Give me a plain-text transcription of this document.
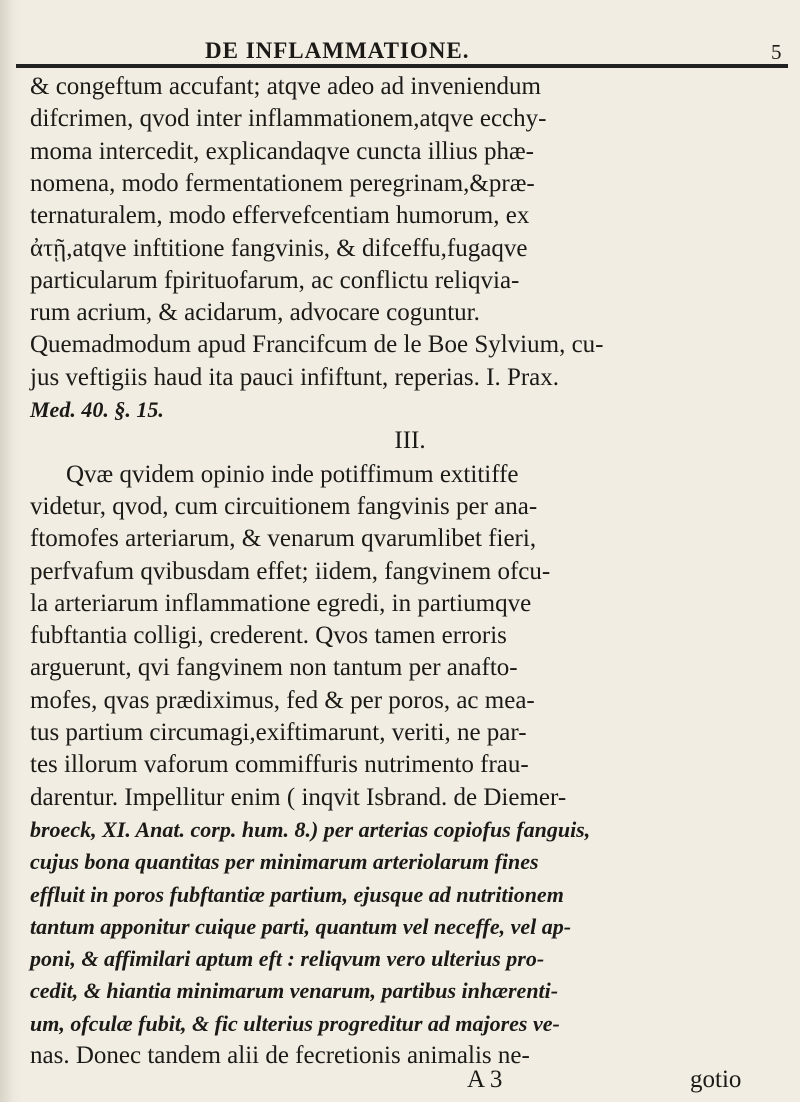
DE INFLAMMATIONE.	5
& congeftum accufant; atqve adeo ad inveniendum
difcrimen, qvod inter inflammationem,atqve ecchy-
moma intercedit, explicandaqve cuncta illius phæ-
nomena, modo fermentationem peregrinam,&præ-
ternaturalem, modo effervefcentiam humorum, ex
ἀτῇ,atqve inftitione fangvinis, & difceffu,fugaqve
particularum fpirituofarum, ac conflictu reliqvia-
rum acrium, & acidarum, advocare coguntur.
Quemadmodum apud Francifcum de le Boe Sylvium, cu-
jus veftigiis haud ita pauci infiftunt, reperias. I. Prax.
Med. 40. §. 15.
III.
Qvæ qvidem opinio inde potiffimum extitiffe
videtur, qvod, cum circuitionem fangvinis per ana-
ftomofes arteriarum, & venarum qvarumlibet fieri,
perfvafum qvibusdam effet; iidem, fangvinem ofcu-
la arteriarum inflammatione egredi, in partiumqve
fubftantia colligi, crederent. Qvos tamen erroris
arguerunt, qvi fangvinem non tantum per anafto-
mofes, qvas prædiximus, fed & per poros, ac mea-
tus partium circumagi,exiftimarunt, veriti, ne par-
tes illorum vaforum commiffuris nutrimento frau-
darentur. Impellitur enim ( inqvit Isbrand. de Diemer-
broeck, XI. Anat. corp. hum. 8.) per arterias copiofus fanguis,
cujus bona quantitas per minimarum arteriolarum fines
effluit in poros fubftantiæ partium, ejusque ad nutritionem
tantum apponitur cuique parti, quantum vel neceffe, vel ap-
poni, & affimilari aptum eft : reliqvum vero ulterius pro-
cedit, & hiantia minimarum venarum, partibus inhærenti-
um, ofculæ fubit, & fic ulterius progreditur ad majores ve-
nas. Donec tandem alii de fecretionis animalis ne-
A 3	gotio
